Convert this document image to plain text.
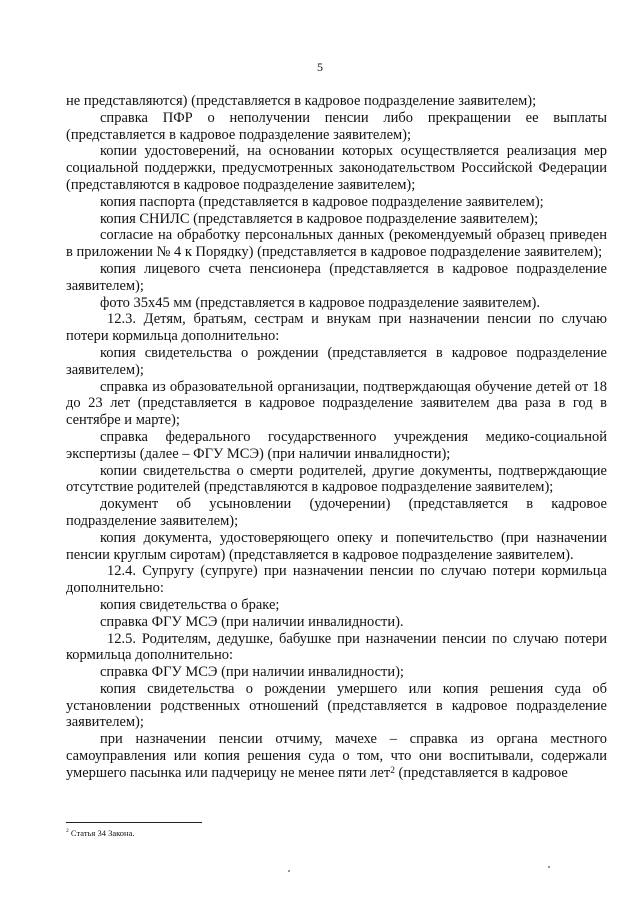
5

не представляются) (представляется в кадровое подразделение заявителем);

справка ПФР о неполучении пенсии либо прекращении ее выплаты (представляется в кадровое подразделение заявителем);

копии удостоверений, на основании которых осуществляется реализация мер социальной поддержки, предусмотренных законодательством Российской Федерации (представляются в кадровое подразделение заявителем);

копия паспорта (представляется в кадровое подразделение заявителем);

копия СНИЛС (представляется в кадровое подразделение заявителем);

согласие на обработку персональных данных (рекомендуемый образец приведен в приложении № 4 к Порядку) (представляется в кадровое подразделение заявителем);

копия лицевого счета пенсионера (представляется в кадровое подразделение заявителем);

фото 35х45 мм (представляется в кадровое подразделение заявителем).

12.3. Детям, братьям, сестрам и внукам при назначении пенсии по случаю потери кормильца дополнительно:

копия свидетельства о рождении (представляется в кадровое подразделение заявителем);

справка из образовательной организации, подтверждающая обучение детей от 18 до 23 лет (представляется в кадровое подразделение заявителем два раза в год в сентябре и марте);

справка федерального государственного учреждения медико-социальной экспертизы (далее – ФГУ МСЭ) (при наличии инвалидности);

копии свидетельства о смерти родителей, другие документы, подтверждающие отсутствие родителей (представляются в кадровое подразделение заявителем);

документ об усыновлении (удочерении) (представляется в кадровое подразделение заявителем);

копия документа, удостоверяющего опеку и попечительство (при назначении пенсии круглым сиротам) (представляется в кадровое подразделение заявителем).

12.4. Супругу (супруге) при назначении пенсии по случаю потери кормильца дополнительно:

копия свидетельства о браке;

справка ФГУ МСЭ (при наличии инвалидности).

12.5. Родителям, дедушке, бабушке при назначении пенсии по случаю потери кормильца дополнительно:

справка ФГУ МСЭ (при наличии инвалидности);

копия свидетельства о рождении умершего или копия решения суда об установлении родственных отношений (представляется в кадровое подразделение заявителем);

при назначении пенсии отчиму, мачехе – справка из органа местного самоуправления или копия решения суда о том, что они воспитывали, содержали умершего пасынка или падчерицу не менее пяти лет$^2$ (представляется в кадровое

$^2$ Статья 34 Закона.
